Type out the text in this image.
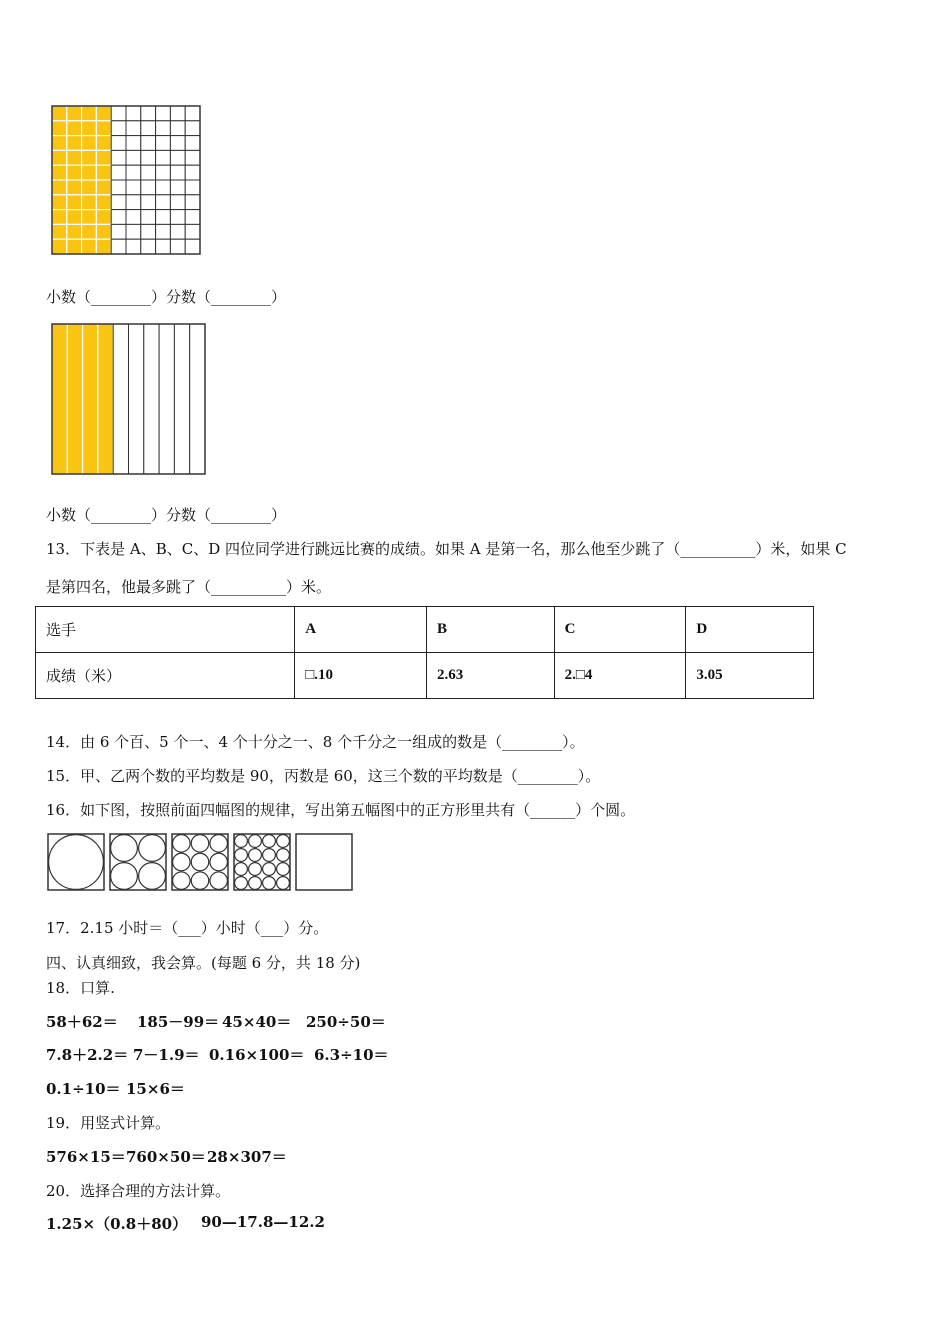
小数（________）分数（________）
小数（________）分数（________）
13．下表是 A、B、C、D 四位同学进行跳远比赛的成绩。如果 A 是第一名，那么他至少跳了（__________）米，如果 C
是第四名，他最多跳了（__________）米。
选手	A	B	C	D
成绩（米）	□.10	2.63	2.□4	3.05
14．由 6 个百、5 个一、4 个十分之一、8 个千分之一组成的数是（________）。
15．甲、乙两个数的平均数是 90，丙数是 60，这三个数的平均数是（________）。
16．如下图，按照前面四幅图的规律，写出第五幅图中的正方形里共有（______）个圆。
17．2.15 小时＝（___）小时（___）分。
四、认真细致，我会算。(每题 6 分，共 18 分)
18．口算.
58＋62＝ 185－99＝ 45×40＝ 250÷50＝
7.8＋2.2＝ 7－1.9＝ 0.16×100＝ 6.3÷10＝
0.1÷10＝ 15×6＝
19．用竖式计算。
576×15＝ 760×50＝ 28×307＝
20．选择合理的方法计算。
1.25×（0.8＋80） 90—17.8—12.2
